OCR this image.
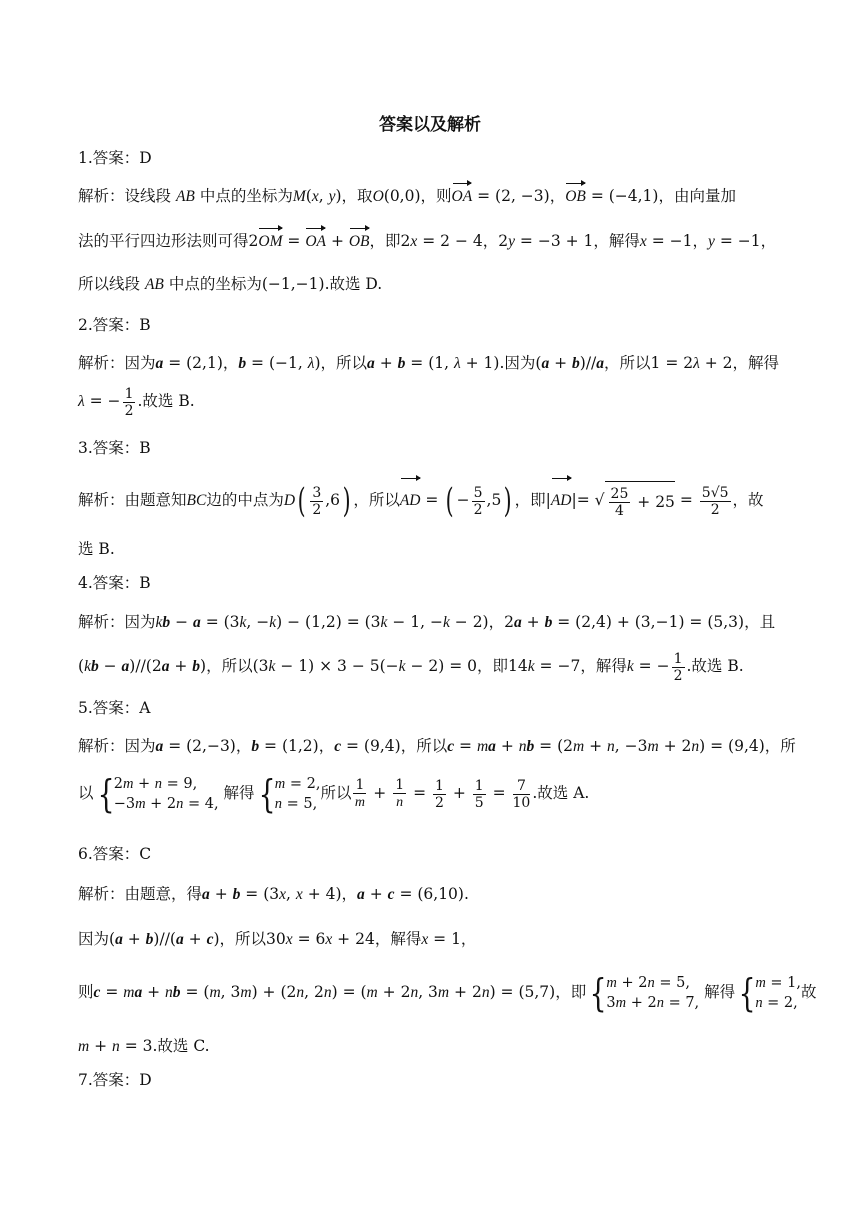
答案以及解析
1.答案：D
解析：设线段 AB 中点的坐标为M(x, y)，取O(0,0)，则OA = (2, −3)，OB = (−4,1)，由向量加
法的平行四边形法则可得2OM = OA + OB，即2x = 2 − 4，2y = −3 + 1，解得x = −1，y = −1，
所以线段 AB 中点的坐标为(−1,−1).故选 D.
2.答案：B
解析：因为a = (2,1)，b = (−1, λ)，所以a + b = (1, λ + 1).因为(a + b)//a，所以1 = 2λ + 2，解得
λ = − $\frac{1}{2}$ .故选 B.
3.答案：B
解析：由题意知BC边的中点为$D( \frac{3}{2} ,6)$ ，所以AD = ( − $\frac{5}{2} ,5$) ，即|AD|= √ $\frac{25}{4} + 25 = \frac{5√5}{2}$ ，故
选 B.
4.答案：B
解析：因为kb − a = (3k, −k) − (1,2) = (3k − 1, −k − 2)，2a + b = (2,4) + (3,−1) = (5,3)，且
(kb − a)//(2a + b)，所以(3k − 1) × 3 − 5(−k − 2) = 0，即14k = −7，解得k = − $\frac{1}{2}$ .故选 B.
5.答案：A
解析：因为a = (2,−3)，b = (1,2)，c = (9,4)，所以c = ma + nb = (2m + n, −3m + 2n) = (9,4)，所
以{ 2m + n = 9,
−3m + 2n = 4,
解得{ m = 2,
n = 5,
所以 $\frac{1}{m} + \frac{1}{n} = \frac{1}{2} + \frac{1}{5} = \frac{7}{10}$ .故选 A.
6.答案：C
解析：由题意，得a + b = (3x, x + 4)，a + c = (6,10).
因为(a + b)//(a + c)，所以30x = 6x + 24，解得x = 1，
则c = ma + nb = (m, 3m) + (2n, 2n) = (m + 2n, 3m + 2n) = (5,7)，即{ m + 2n = 5,
3m + 2n = 7,
解得{ m = 1,
n = 2,
故
m + n = 3.故选 C.
7.答案：D
